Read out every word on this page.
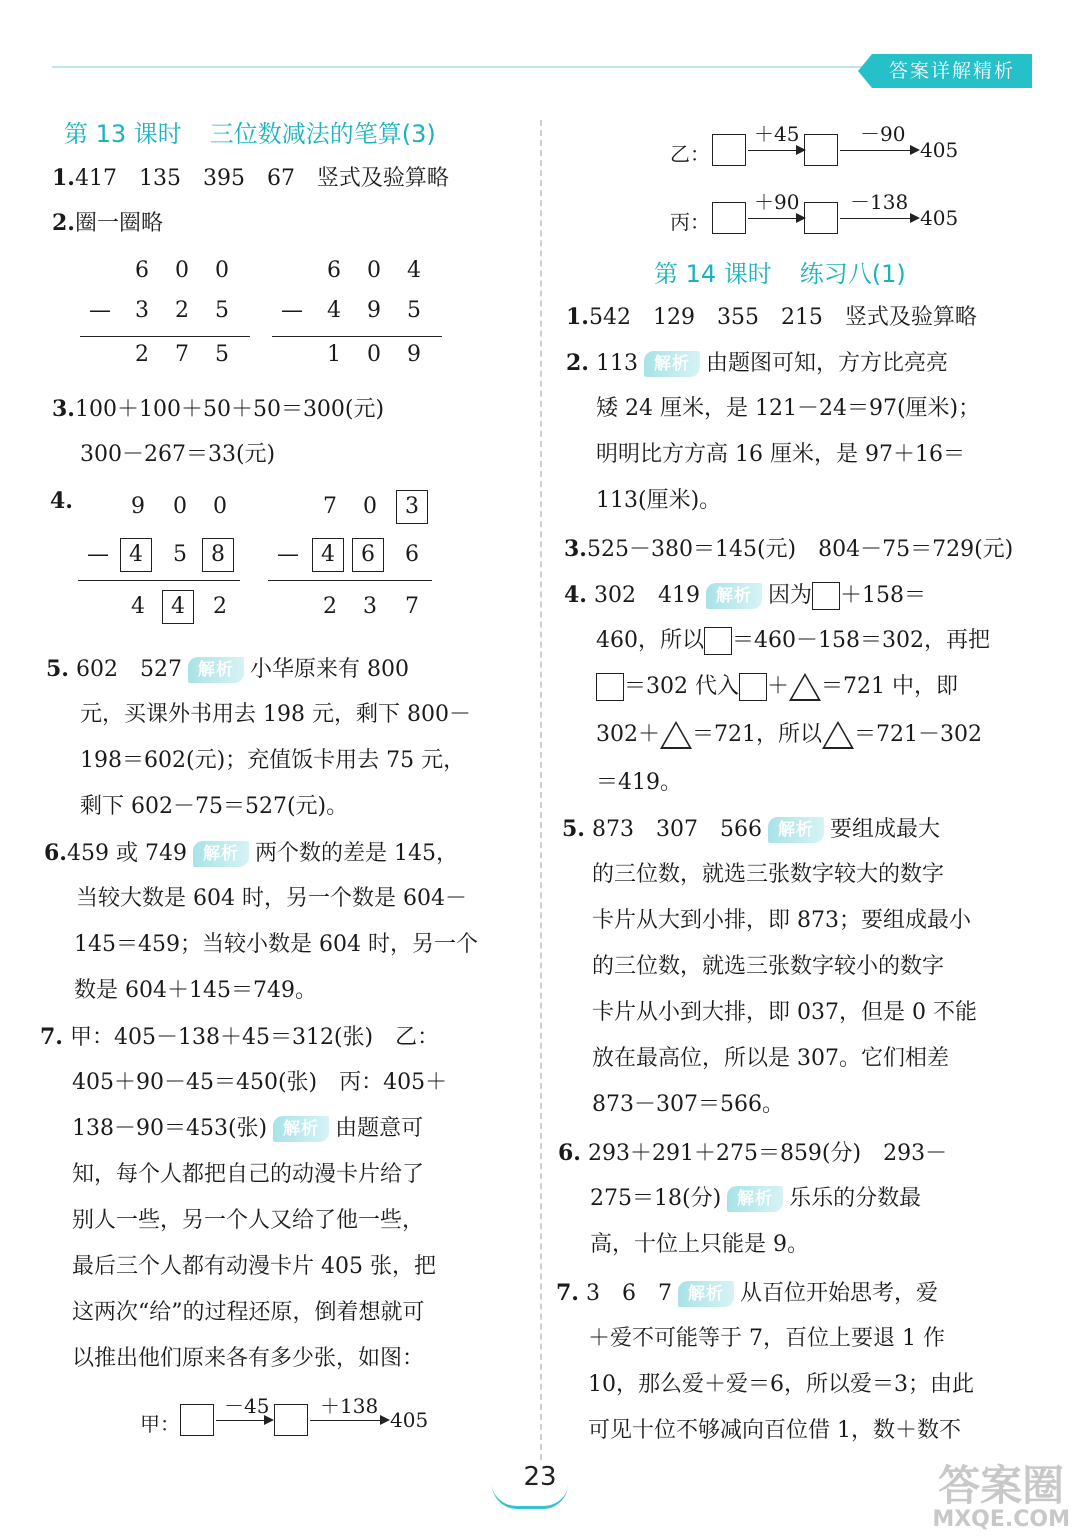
答案详解精析
第 13 课时 三位数减法的笔算(3)
1.417　135　395　67　竖式及验算略
2.圈一圈略
6	0	0
—	3	2	5
2	7	5
6	0	4
—	4	9	5
1	0	9
3.100＋100＋50＋50＝300(元)
300－267＝33(元)
4.	9	0	0
— 4	5	8
4	4	2
7	0	3
—	4	6	6
2	3	7
5. 602　527 解析 小华原来有 800
元，买课外书用去 198 元，剩下 800－
198＝602(元)；充值饭卡用去 75 元，
剩下 602－75＝527(元)。
6.459 或 749 解析 两个数的差是 145，
当较大数是 604 时，另一个数是 604－
145＝459；当较小数是 604 时，另一个
数是 604＋145＝749。
7. 甲：405－138＋45＝312(张)　乙：
405＋90－45＝450(张)　丙：405＋
138－90＝453(张) 解析 由题意可
知，每个人都把自己的动漫卡片给了
别人一些，另一个人又给了他一些，
最后三个人都有动漫卡片 405 张，把
这两次“给”的过程还原，倒着想就可
以推出他们原来各有多少张，如图：
甲：
－45	＋138
405
乙：
＋45	－90
405
丙：
＋90	－138
405
第 14 课时 练习八(1)
1.542　129　355　215　竖式及验算略
2. 113 解析 由题图可知，方方比亮亮
矮 24 厘米，是 121－24＝97(厘米)；
明明比方方高 16 厘米，是 97＋16＝
113(厘米)。
3.525－380＝145(元)　804－75＝729(元)
4. 302　419 解析 因为 ＋158＝
460，所以 ＝460－158＝302，再把
＝302 代入 ＋ ＝721 中，即
302＋ ＝721，所以 ＝721－302
＝419。
5. 873　307　566 解析 要组成最大
的三位数，就选三张数字较大的数字
卡片从大到小排，即 873；要组成最小
的三位数，就选三张数字较小的数字
卡片从小到大排，即 037，但是 0 不能
放在最高位，所以是 307。它们相差
873－307＝566。
6. 293＋291＋275＝859(分)　293－
275＝18(分) 解析 乐乐的分数最
高，十位上只能是 9。
7. 3　6　7 解析 从百位开始思考，爱
＋爱不可能等于 7，百位上要退 1 作
10，那么爱＋爱＝6，所以爱＝3；由此
可见十位不够减向百位借 1，数＋数不
23	答案圈
MXQE.COM
